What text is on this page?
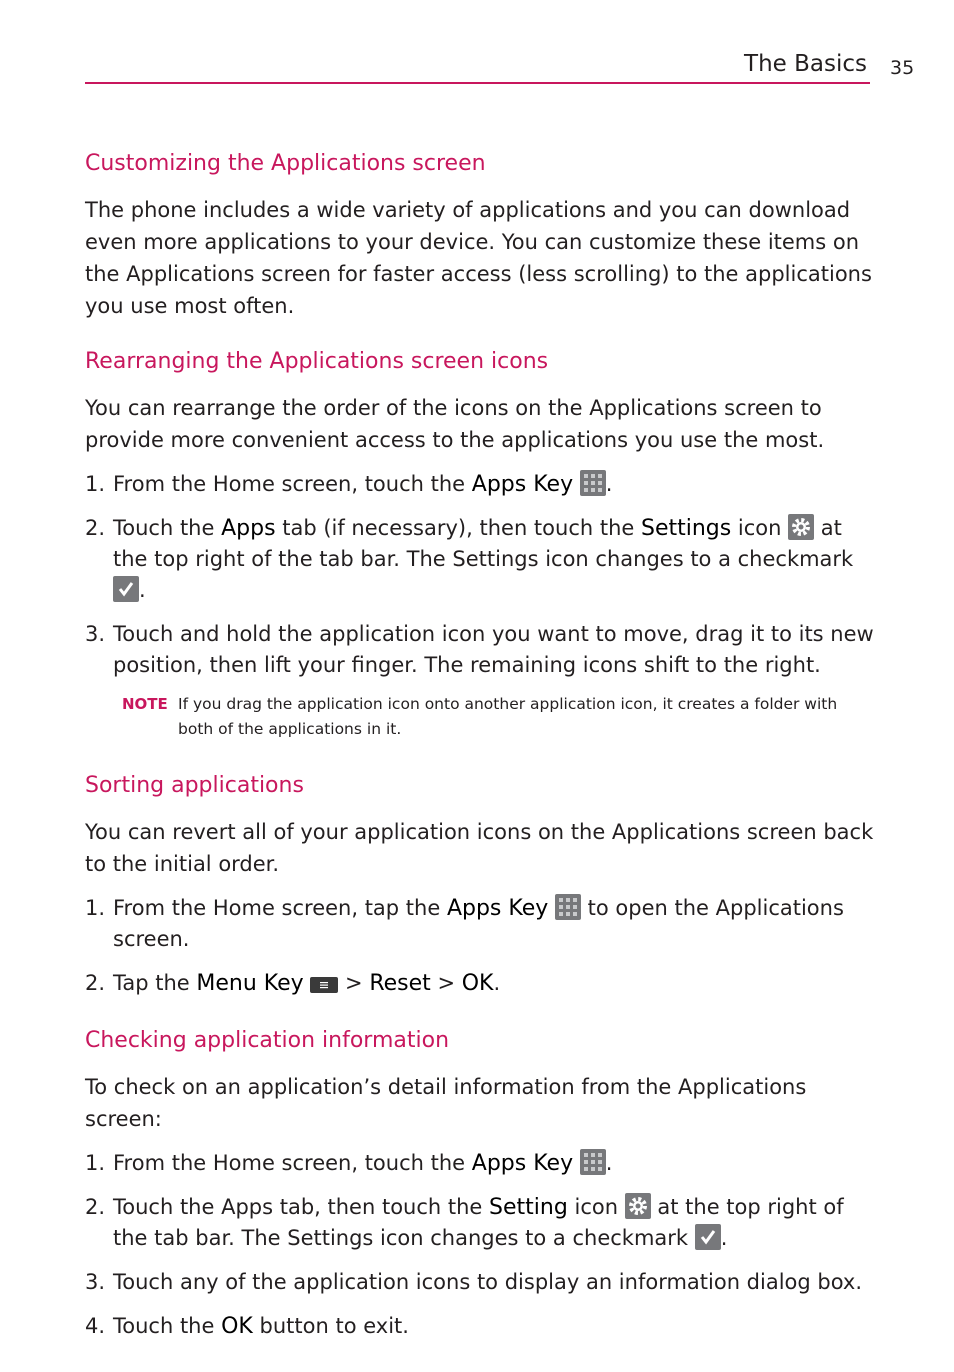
The Basics 35
Customizing the Applications screen

The phone includes a wide variety of applications and you can download even more applications to your device. You can customize these items on the Applications screen for faster access (less scrolling) to the applications you use most often.

Rearranging the Applications screen icons

You can rearrange the order of the icons on the Applications screen to provide more convenient access to the applications you use the most.

1. From the Home screen, touch the Apps Key .
2. Touch the Apps tab (if necessary), then touch the Settings icon
at the top right of the tab bar. The Settings icon changes to a checkmark
.
3. Touch and hold the application icon you want to move, drag it to its new position, then lift your finger. The remaining icons shift to the right.
NOTE If you drag the application icon onto another application icon, it creates a folder with both of the applications in it.
Sorting applications

You can revert all of your application icons on the Applications screen back to the initial order.

1. From the Home screen, tap the Apps Key
to open the Applications screen.
2. Tap the Menu Key
> Reset > OK.
Checking application information

To check on an application’s detail information from the Applications screen:

1. From the Home screen, touch the Apps Key .
2. Touch the Apps tab, then touch the Setting icon
at the top right of the tab bar. The Settings icon changes to a checkmark
.
3. Touch any of the application icons to display an information dialog box.
4. Touch the OK button to exit.
